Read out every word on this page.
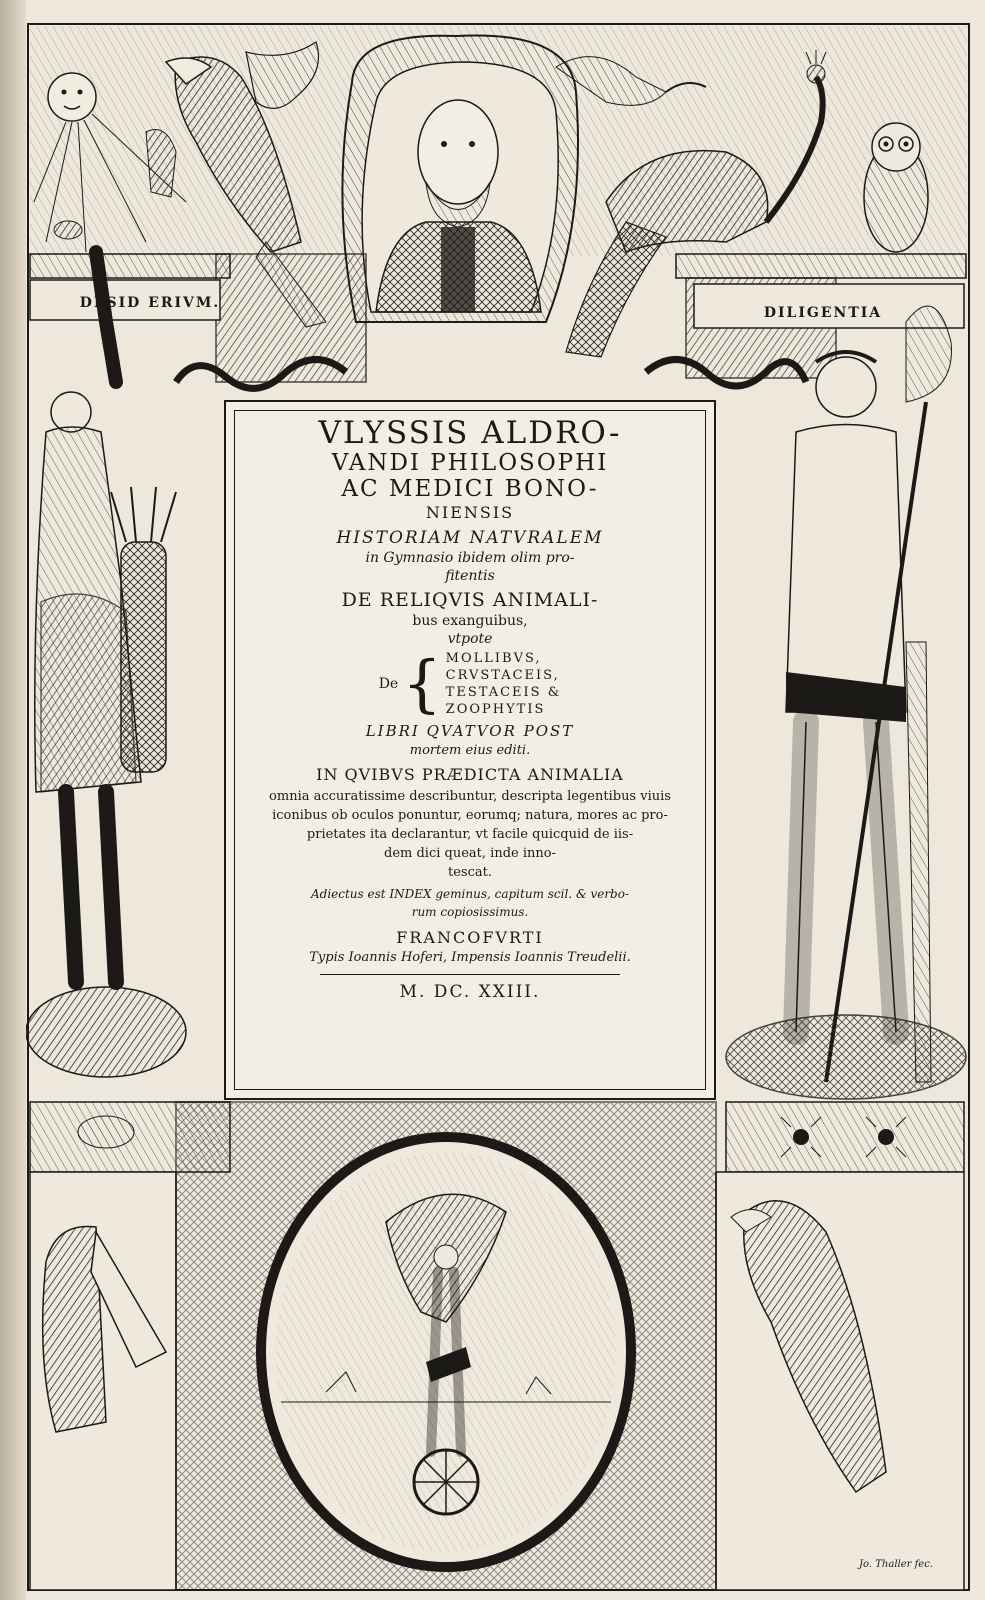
DESID ERIVM.
DILIGENTIA
Jo. Thaller fec.
VLYSSIS ALDRO-
VANDI PHILOSOPHI
AC MEDICI BONO-
NIENSIS
HISTORIAM NATVRALEM
in Gymnasio ibidem olim pro-
fitentis
DE RELIQVIS ANIMALI-
bus exanguibus,
vtpote
De { MOLLIBVS,
CRVSTACEIS,
TESTACEIS &
ZOOPHYTIS
LIBRI QVATVOR POST
mortem eius editi.
IN QVIBVS PRÆDICTA ANIMALIA
omnia accuratissime describuntur, descripta legentibus viuis
iconibus ob oculos ponuntur, eorumq; natura, mores ac pro-
prietates ita declarantur, vt facile quicquid de iis-
dem dici queat, inde inno-
tescat.
Adiectus est INDEX geminus, capitum scil. & verbo-
rum copiosissimus.
FRANCOFVRTI
Typis Ioannis Hoferi, Impensis Ioannis Treudelii.
M. DC. XXIII.
